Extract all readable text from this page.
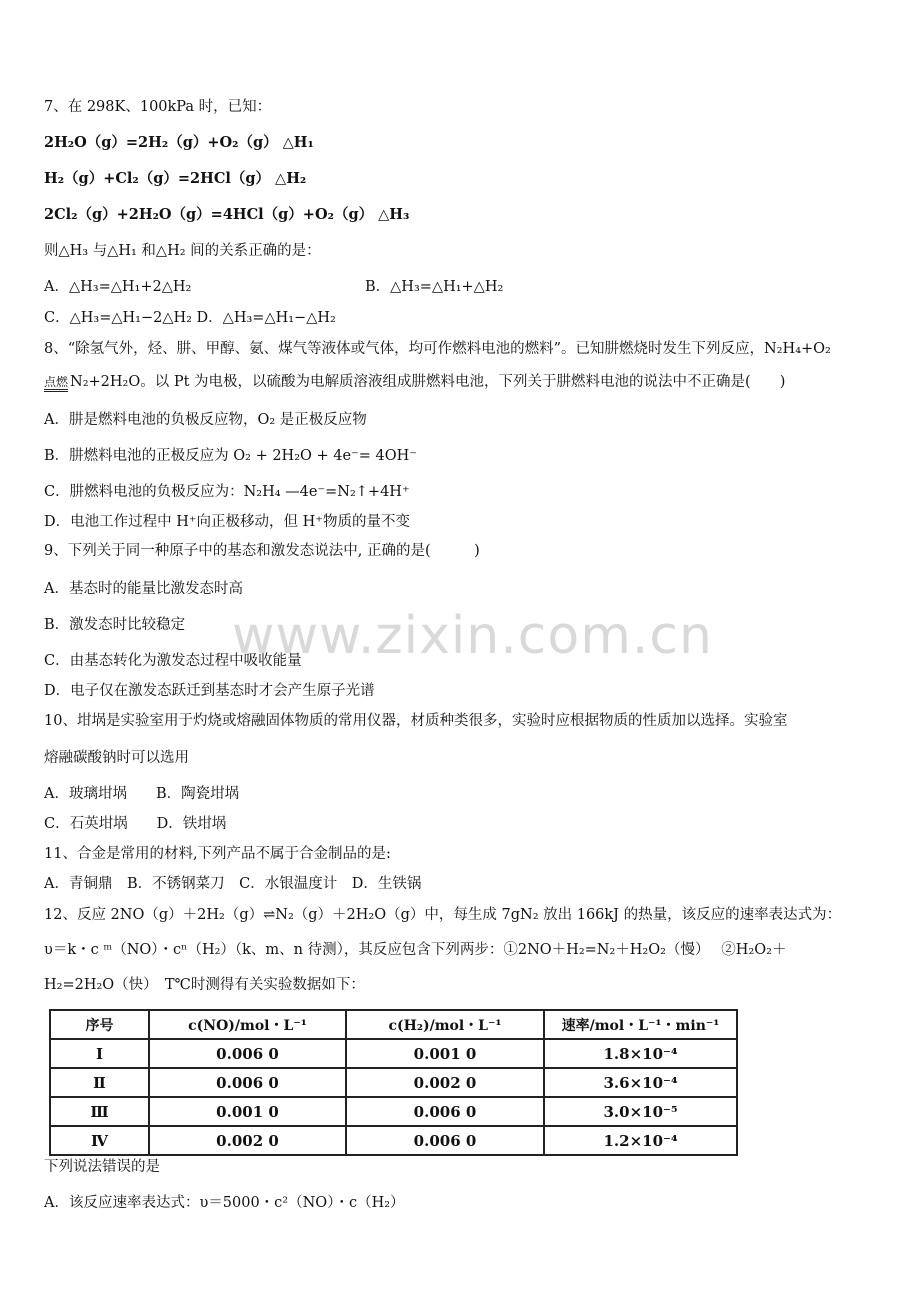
7、在 298K、100kPa 时，已知：
2H₂O（g）=2H₂（g）+O₂（g） △H₁
H₂（g）+Cl₂（g）=2HCl（g） △H₂
2Cl₂（g）+2H₂O（g）=4HCl（g）+O₂（g） △H₃
则△H₃ 与△H₁ 和△H₂ 间的关系正确的是：
A．△H₃=△H₁+2△H₂	B．△H₃=△H₁+△H₂
C．△H₃=△H₁−2△H₂ D．△H₃=△H₁−△H₂
8、“除氢气外，烃、肼、甲醇、氨、煤气等液体或气体，均可作燃料电池的燃料”。已知肼燃烧时发生下列反应，N₂H₄+O₂
点燃 N₂+2H₂O。以 Pt 为电极，以硫酸为电解质溶液组成肼燃料电池，下列关于肼燃料电池的说法中不正确是(　　)
A．肼是燃料电池的负极反应物，O₂ 是正极反应物
B．肼燃料电池的正极反应为 O₂ + 2H₂O + 4e⁻= 4OH⁻
C．肼燃料电池的负极反应为：N₂H₄ —4e⁻=N₂↑+4H⁺
D．电池工作过程中 H⁺向正极移动，但 H⁺物质的量不变
9、下列关于同一种原子中的基态和激发态说法中, 正确的是(　　　)
A．基态时的能量比激发态时高
B．激发态时比较稳定
C．由基态转化为激发态过程中吸收能量
D．电子仅在激发态跃迁到基态时才会产生原子光谱
10、坩埚是实验室用于灼烧或熔融固体物质的常用仪器，材质种类很多，实验时应根据物质的性质加以选择。实验室
熔融碳酸钠时可以选用
A．玻璃坩埚　　B．陶瓷坩埚
C．石英坩埚　　D．铁坩埚
11、合金是常用的材料,下列产品不属于合金制品的是:
A．青铜鼎　B．不锈钢菜刀　C．水银温度计　D．生铁锅
12、反应 2NO（g）＋2H₂（g）⇌N₂（g）＋2H₂O（g）中，每生成 7gN₂ 放出 166kJ 的热量，该反应的速率表达式为：
υ＝k・c ᵐ（NO）・cⁿ（H₂）（k、m、n 待测），其反应包含下列两步：①2NO＋H₂=N₂＋H₂O₂（慢）　 ②H₂O₂＋
H₂=2H₂O（快）　T℃时测得有关实验数据如下：
序号	c(NO)/mol・L⁻¹	c(H₂)/mol・L⁻¹	速率/mol・L⁻¹・min⁻¹
Ⅰ	0.006 0	0.001 0	1.8×10⁻⁴
Ⅱ	0.006 0	0.002 0	3.6×10⁻⁴
Ⅲ	0.001 0	0.006 0	3.0×10⁻⁵
Ⅳ	0.002 0	0.006 0	1.2×10⁻⁴
下列说法错误的是
A．该反应速率表达式：υ＝5000・c²（NO）・c（H₂）
www.zixin.com.cn
